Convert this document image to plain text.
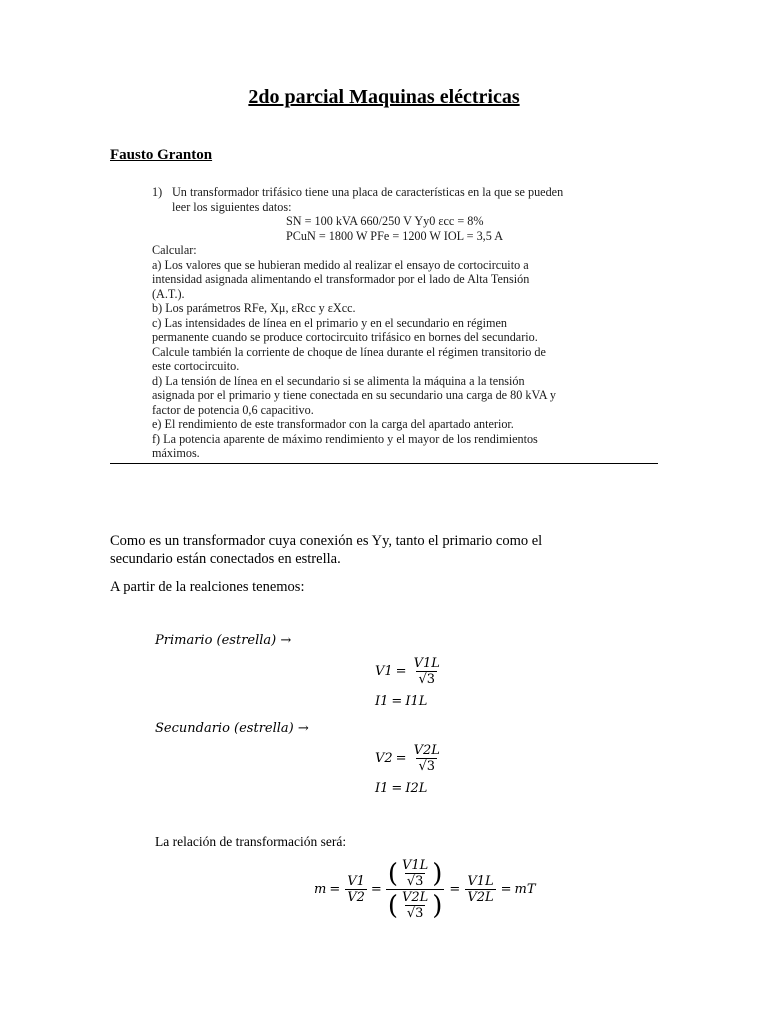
2do parcial Maquinas eléctricas
Fausto Granton
1) Un transformador trifásico tiene una placa de características en la que se pueden
leer los siguientes datos:
SN = 100 kVA 660/250 V Yy0 εcc = 8%
PCuN = 1800 W PFe = 1200 W IOL = 3,5 A
Calcular:
a) Los valores que se hubieran medido al realizar el ensayo de cortocircuito a
intensidad asignada alimentando el transformador por el lado de Alta Tensión
(A.T.).
b) Los parámetros RFe, Xμ, εRcc y εXcc.
c) Las intensidades de línea en el primario y en el secundario en régimen
permanente cuando se produce cortocircuito trifásico en bornes del secundario.
Calcule también la corriente de choque de línea durante el régimen transitorio de
este cortocircuito.
d) La tensión de línea en el secundario si se alimenta la máquina a la tensión
asignada por el primario y tiene conectada en su secundario una carga de 80 kVA y
factor de potencia 0,6 capacitivo.
e) El rendimiento de este transformador con la carga del apartado anterior.
f) La potencia aparente de máximo rendimiento y el mayor de los rendimientos
máximos.
Como es un transformador cuya conexión es Yy, tanto el primario como el
secundario están conectados en estrella.
A partir de la realciones tenemos:
Primario (estrella) →
$V1 = \frac{V1L}{√3}$
I1 = I1L
Secundario (estrella) →
$V2 = \frac{V2L}{√3}$
I1 = I2L
La relación de transformación será:
$m = \frac{V1}{V2} = \frac{( \frac{V1L}{√3} )}{( \frac{V2L}{√3} )} = \frac{V1L}{V2L}$ = mT
